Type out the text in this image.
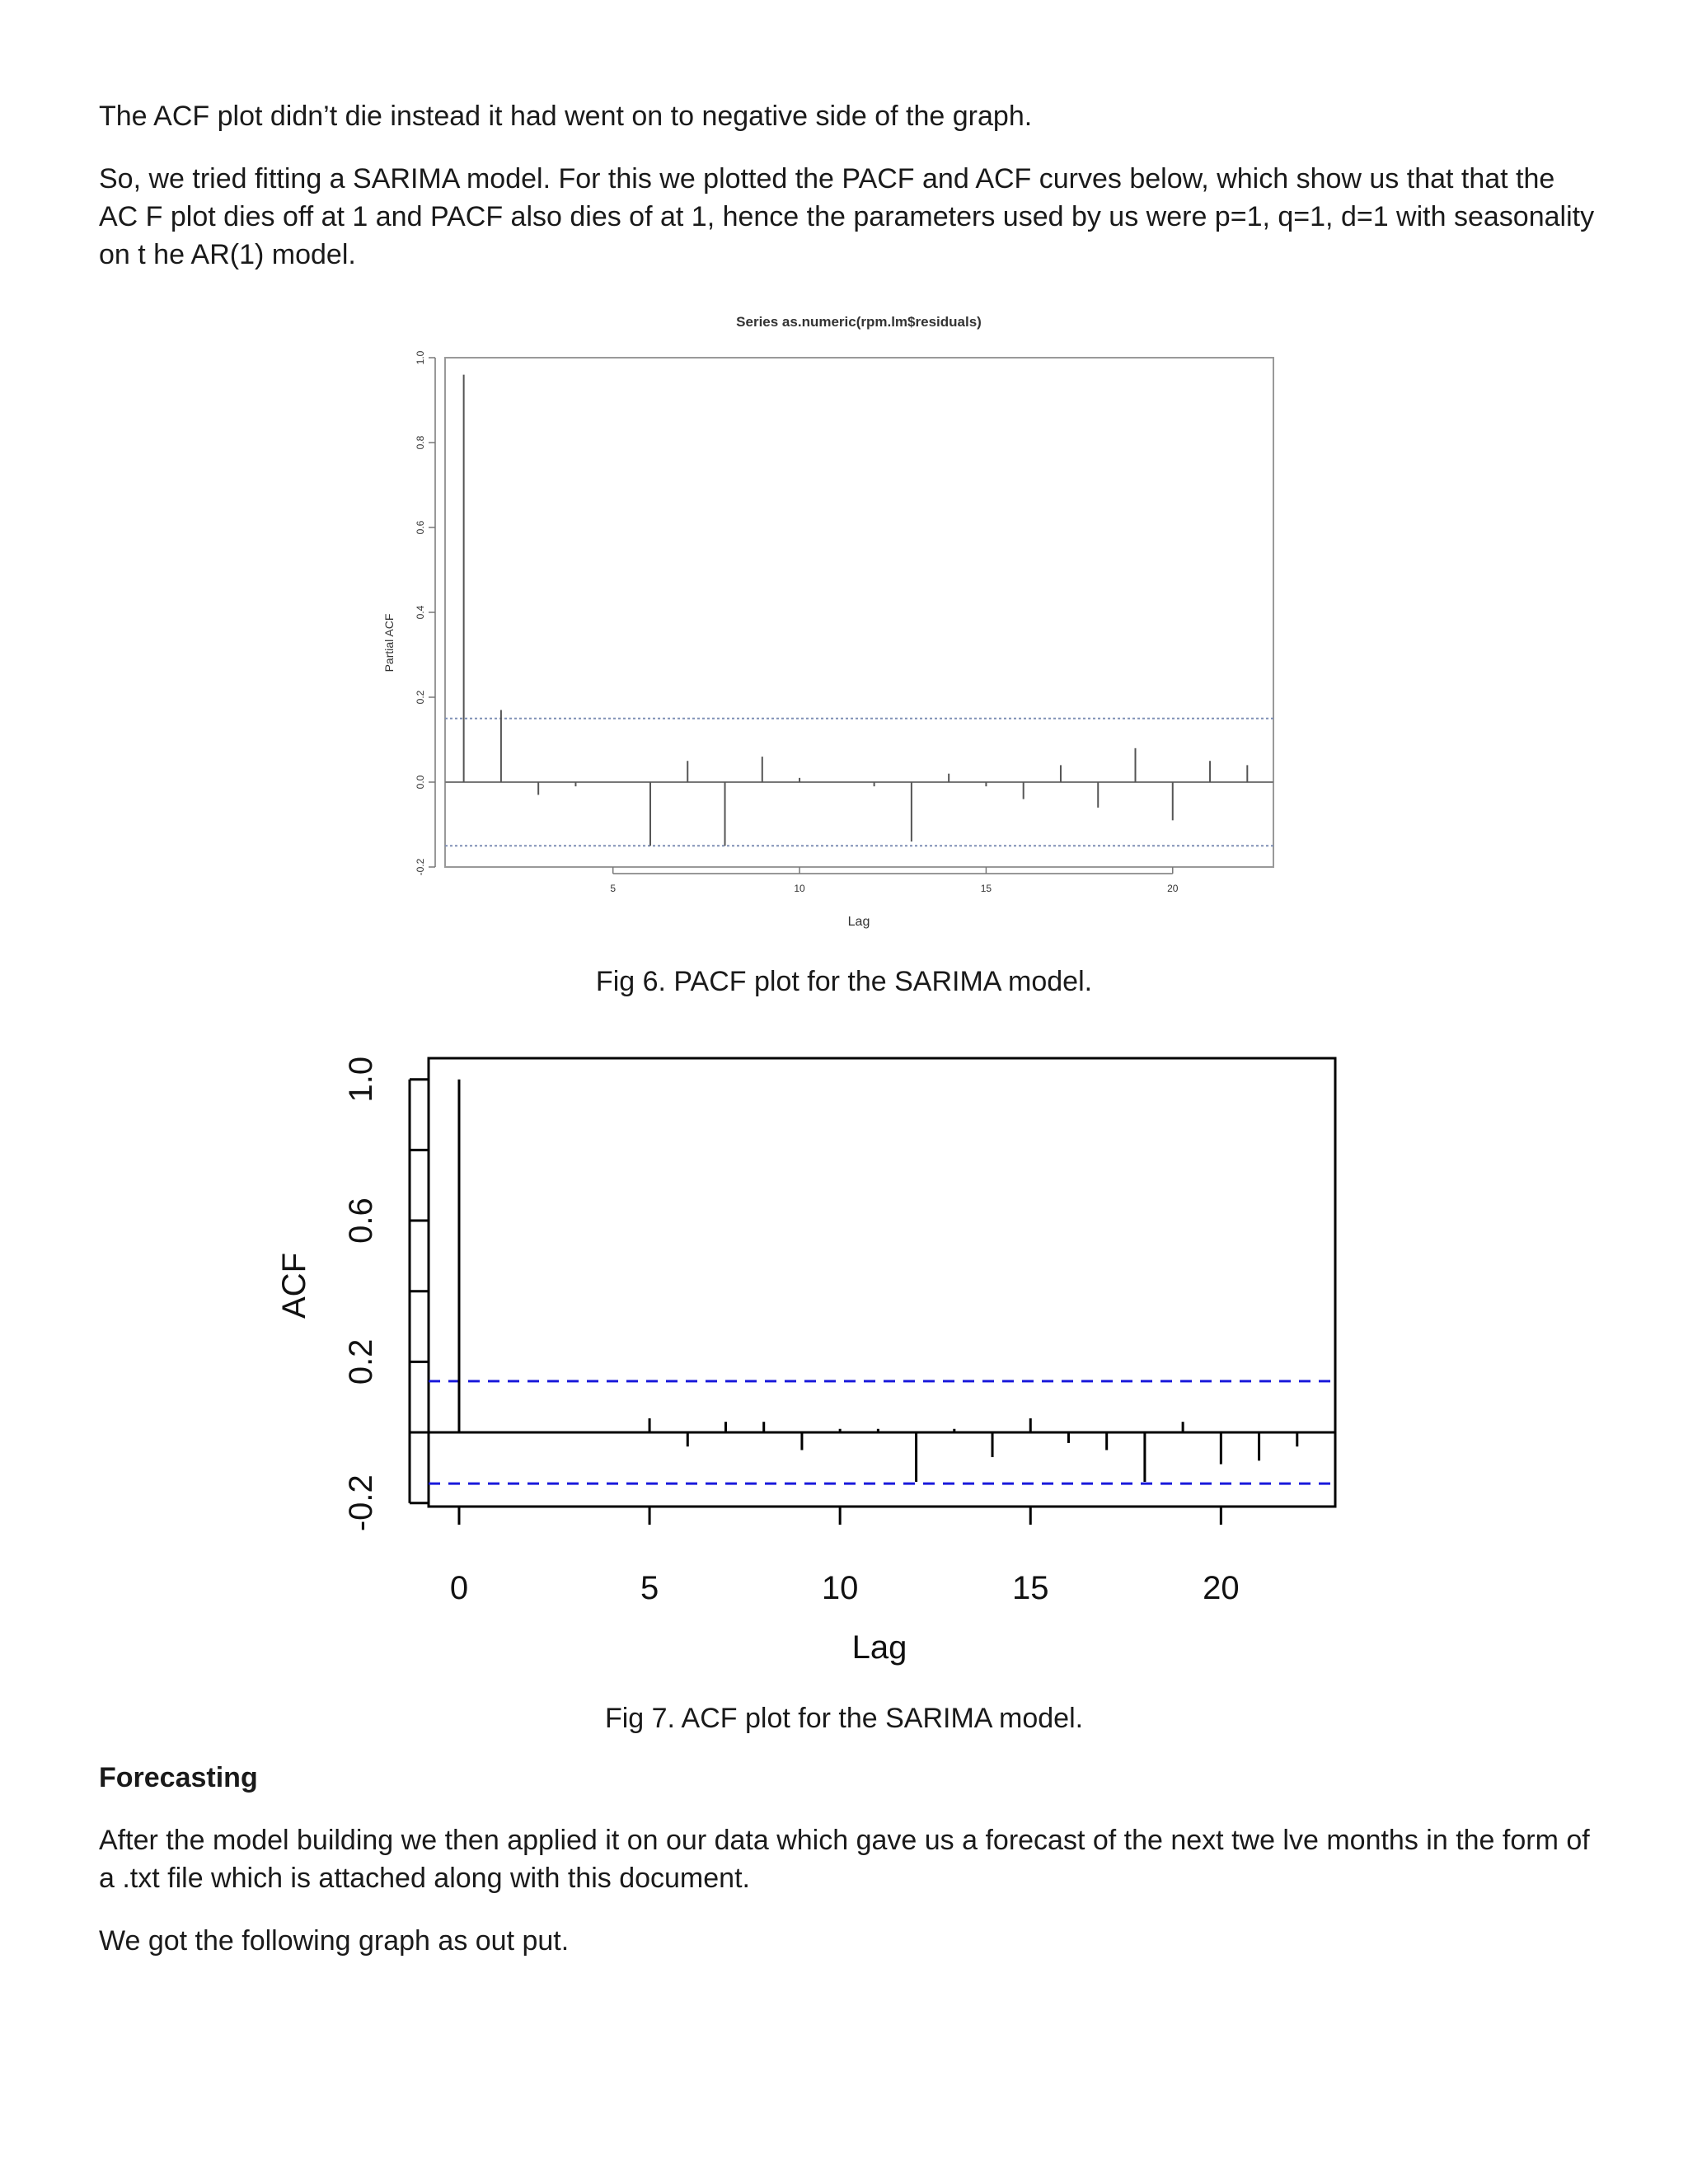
The ACF plot didn’t die instead it had went on to negative side of the graph.

So, we tried fitting a SARIMA model. For this we plotted the PACF and ACF curves below, which show us that that the AC F plot dies off at 1 and PACF also dies of at 1, hence the parameters used by us were p=1, q=1, d=1 with seasonality on t he AR(1) model.

Series as.numeric(rpm.lm$residuals)
Partial ACF
Lag
-0.2
0.0
0.2
0.4
0.6
0.8
1.0
5	10	15	20

Fig 6. PACF plot for the SARIMA model.

ACF
Lag
-0.2
0.2
0.6
1.0
0	5	10	15	20

Fig 7. ACF plot for the SARIMA model.

Forecasting

After the model building we then applied it on our data which gave us a forecast of the next twe lve months in the form of a .txt file which is attached along with this document.

We got the following graph as out put.
